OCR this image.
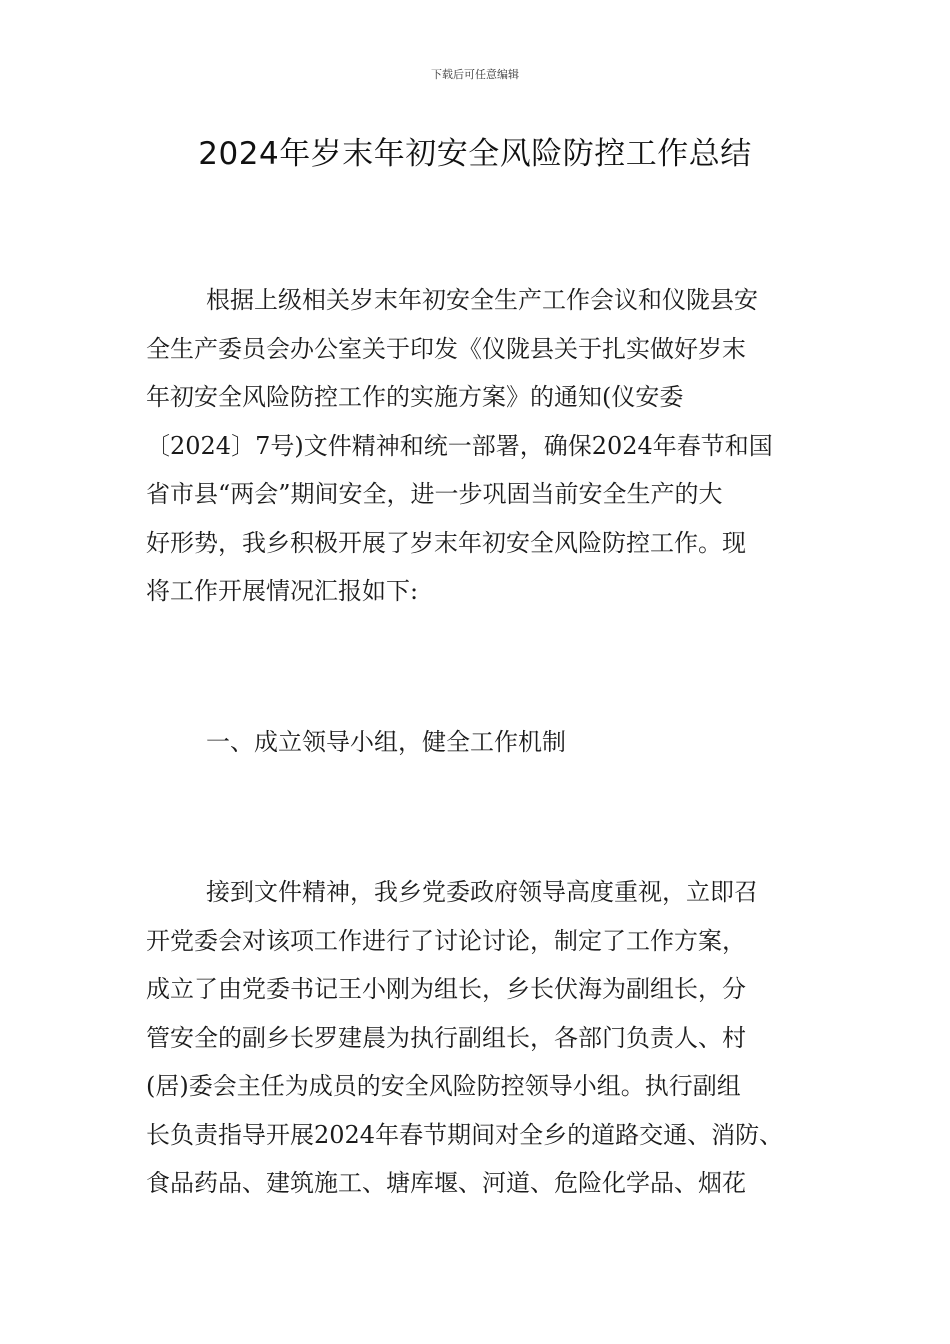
下载后可任意编辑
2024年岁末年初安全风险防控工作总结
根据上级相关岁末年初安全生产工作会议和仪陇县安
全生产委员会办公室关于印发《仪陇县关于扎实做好岁末
年初安全风险防控工作的实施方案》的通知(仪安委
〔2024〕7号)文件精神和统一部署，确保2024年春节和国
省市县“两会”期间安全，进一步巩固当前安全生产的大
好形势，我乡积极开展了岁末年初安全风险防控工作。现
将工作开展情况汇报如下:
一、成立领导小组，健全工作机制
接到文件精神，我乡党委政府领导高度重视，立即召
开党委会对该项工作进行了讨论讨论，制定了工作方案，
成立了由党委书记王小刚为组长，乡长伏海为副组长，分
管安全的副乡长罗建晨为执行副组长，各部门负责人、村
(居)委会主任为成员的安全风险防控领导小组。执行副组
长负责指导开展2024年春节期间对全乡的道路交通、消防、
食品药品、建筑施工、塘库堰、河道、危险化学品、烟花
